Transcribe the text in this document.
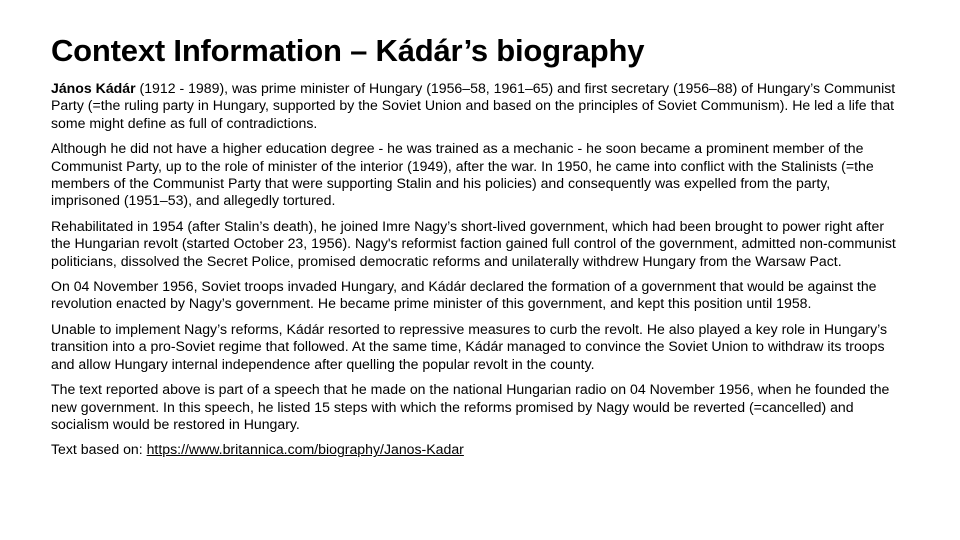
Context Information – Kádár’s biography

János Kádár (1912 - 1989), was prime minister of Hungary (1956–58, 1961–65) and first secretary (1956–88) of Hungary’s Communist Party (=the ruling party in Hungary, supported by the Soviet Union and based on the principles of Soviet Communism). He led a life that some might define as full of contradictions.

Although he did not have a higher education degree - he was trained as a mechanic - he soon became a prominent member of the Communist Party, up to the role of minister of the interior (1949), after the war. In 1950, he came into conflict with the Stalinists (=the members of the Communist Party that were supporting Stalin and his policies) and consequently was expelled from the party, imprisoned (1951–53), and allegedly tortured.

Rehabilitated in 1954 (after Stalin’s death), he joined Imre Nagy’s short-lived government, which had been brought to power right after the Hungarian revolt (started October 23, 1956). Nagy's reformist faction gained full control of the government, admitted non-communist politicians, dissolved the Secret Police, promised democratic reforms and unilaterally withdrew Hungary from the Warsaw Pact.

On 04 November 1956, Soviet troops invaded Hungary, and Kádár declared the formation of a government that would be against the revolution enacted by Nagy’s government. He became prime minister of this government, and kept this position until 1958.

Unable to implement Nagy’s reforms, Kádár resorted to repressive measures to curb the revolt. He also played a key role in Hungary’s transition into a pro-Soviet regime that followed. At the same time, Kádár managed to convince the Soviet Union to withdraw its troops and allow Hungary internal independence after quelling the popular revolt in the county.

The text reported above is part of a speech that he made on the national Hungarian radio on 04 November 1956, when he founded the new government. In this speech, he listed 15 steps with which the reforms promised by Nagy would be reverted (=cancelled) and socialism would be restored in Hungary.

Text based on: https://www.britannica.com/biography/Janos-Kadar
